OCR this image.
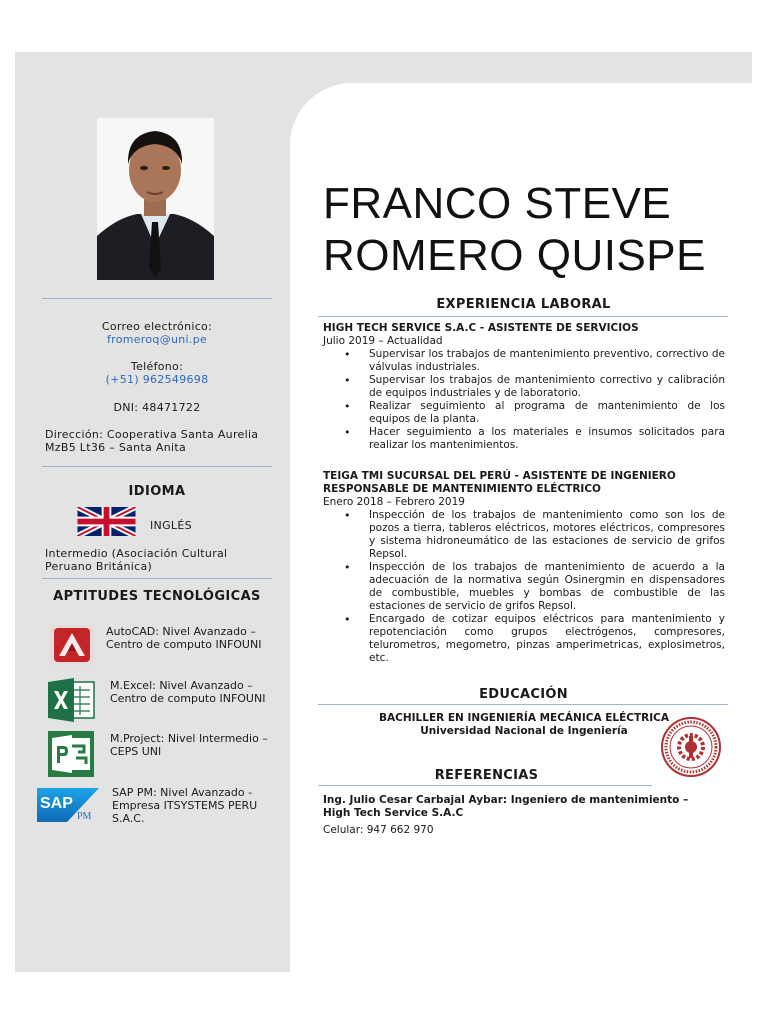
Correo electrónico:
fromeroq@uni.pe
Teléfono:
(+51) 962549698
DNI: 48471722
Dirección: Cooperativa Santa Aurelia MzB5 Lt36 – Santa Anita
IDIOMA
INGLÉS
Intermedio (Asociación Cultural Peruano Británica)
APTITUDES TECNOLÓGICAS
AutoCAD: Nivel Avanzado – Centro de computo INFOUNI
M.Excel: Nivel Avanzado – Centro de computo INFOUNI
M.Project: Nivel Intermedio – CEPS UNI
SAP
PM
SAP PM: Nivel Avanzado - Empresa ITSYSTEMS PERU S.A.C.
FRANCO STEVE
ROMERO QUISPE
EXPERIENCIA LABORAL
HIGH TECH SERVICE S.A.C - ASISTENTE DE SERVICIOS
Julio 2019 – Actualidad
• Supervisar los trabajos de mantenimiento preventivo, correctivo de válvulas industriales.
• Supervisar los trabajos de mantenimiento correctivo y calibración de equipos industriales y de laboratorio.
• Realizar seguimiento al programa de mantenimiento de los equipos de la planta.
• Hacer seguimiento a los materiales e insumos solicitados para realizar los mantenimientos.
TEIGA TMI SUCURSAL DEL PERÚ - ASISTENTE DE INGENIERO RESPONSABLE DE MANTENIMIENTO ELÉCTRICO
Enero 2018 – Febrero 2019
• Inspección de los trabajos de mantenimiento como son los de pozos a tierra, tableros eléctricos, motores eléctricos, compresores y sistema hidroneumático de las estaciones de servicio de grifos Repsol.
• Inspección de los trabajos de mantenimiento de acuerdo a la adecuación de la normativa según Osinergmin en dispensadores de combustible, muebles y bombas de combustible de las estaciones de servicio de grifos Repsol.
• Encargado de cotizar equipos eléctricos para mantenimiento y repotenciación como grupos electrógenos, compresores, telurometros, megometro, pinzas amperimetricas, explosimetros, etc.
EDUCACIÓN
BACHILLER EN INGENIERÍA MECÁNICA ELÉCTRICA
Universidad Nacional de Ingeniería
REFERENCIAS
Ing. Julio Cesar Carbajal Aybar: Ingeniero de mantenimiento – High Tech Service S.A.C
Celular: 947 662 970
